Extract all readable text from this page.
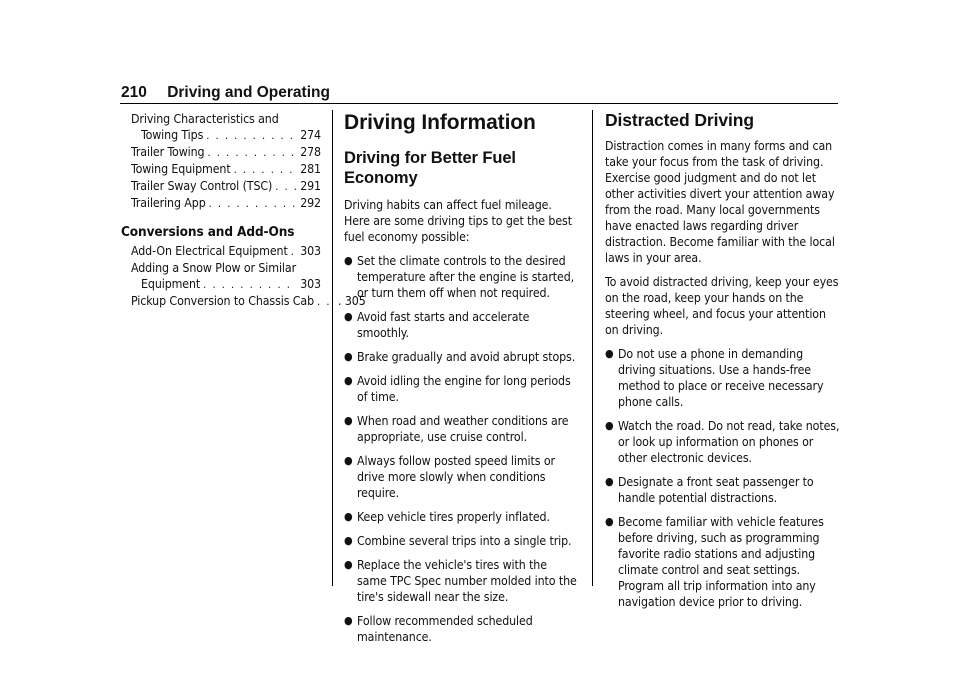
210 Driving and Operating
Driving Characteristics and
Towing Tips . . .	274
Trailer Towing . . .	278
Towing Equipment . . .	281
Trailer Sway Control (TSC) . . . 291
Trailering App . . .	292
Conversions and Add-Ons
Add-On Electrical Equipment . . . 303
Adding a Snow Plow or Similar
Equipment . . .	303
Pickup Conversion to Chassis Cab . . . . 305
Driving Information
Driving for Better Fuel Economy

Driving habits can affect fuel mileage. Here are some driving tips to get the best fuel economy possible:

● Set the climate controls to the desired temperature after the engine is started, or turn them off when not required.
● Avoid fast starts and accelerate smoothly.
● Brake gradually and avoid abrupt stops.
● Avoid idling the engine for long periods of time.
● When road and weather conditions are appropriate, use cruise control.
● Always follow posted speed limits or drive more slowly when conditions require.
● Keep vehicle tires properly inflated.
● Combine several trips into a single trip.
● Replace the vehicle's tires with the same TPC Spec number molded into the tire's sidewall near the size.
● Follow recommended scheduled maintenance.
Distracted Driving

Distraction comes in many forms and can take your focus from the task of driving. Exercise good judgment and do not let other activities divert your attention away from the road. Many local governments have enacted laws regarding driver distraction. Become familiar with the local laws in your area.

To avoid distracted driving, keep your eyes on the road, keep your hands on the steering wheel, and focus your attention on driving.

● Do not use a phone in demanding driving situations. Use a hands-free method to place or receive necessary phone calls.
● Watch the road. Do not read, take notes, or look up information on phones or other electronic devices.
● Designate a front seat passenger to handle potential distractions.
● Become familiar with vehicle features before driving, such as programming favorite radio stations and adjusting climate control and seat settings. Program all trip information into any navigation device prior to driving.
